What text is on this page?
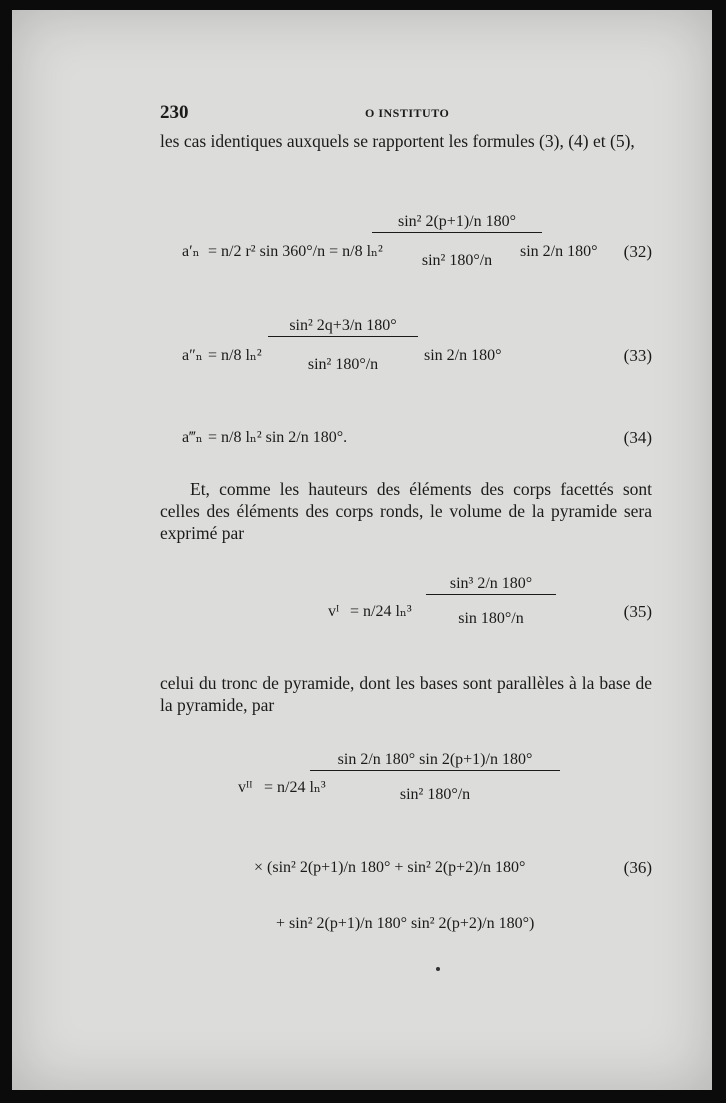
230	O INSTITUTO

les cas identiques auxquels se rapportent les formules (3), (4) et (5),

a′ₙ = n/2 r² sin 360°/n = n/8 lₙ²
sin² 2(p+1)/n 180°
sin² 180°/n
sin 2/n 180° (32)
a″ₙ = n/8 lₙ²
sin² 2q+3/n 180°
sin² 180°/n
sin 2/n 180°	(33)
a‴ₙ = n/8 lₙ² sin 2/n 180°.	(34)

Et, comme les hauteurs des éléments des corps facettés sont celles des éléments des corps ronds, le volume de la pyramide sera exprimé par

vᴵ = n/24 lₙ³
sin³ 2/n 180°
sin 180°/n	(35)

celui du tronc de pyramide, dont les bases sont parallèles à la base de la pyramide, par

vᴵᴵ = n/24 lₙ³
sin 2/n 180° sin 2(p+1)/n 180°
sin² 180°/n
× (sin² 2(p+1)/n 180° + sin² 2(p+2)/n 180°	(36)
+ sin² 2(p+1)/n 180° sin² 2(p+2)/n 180°)
